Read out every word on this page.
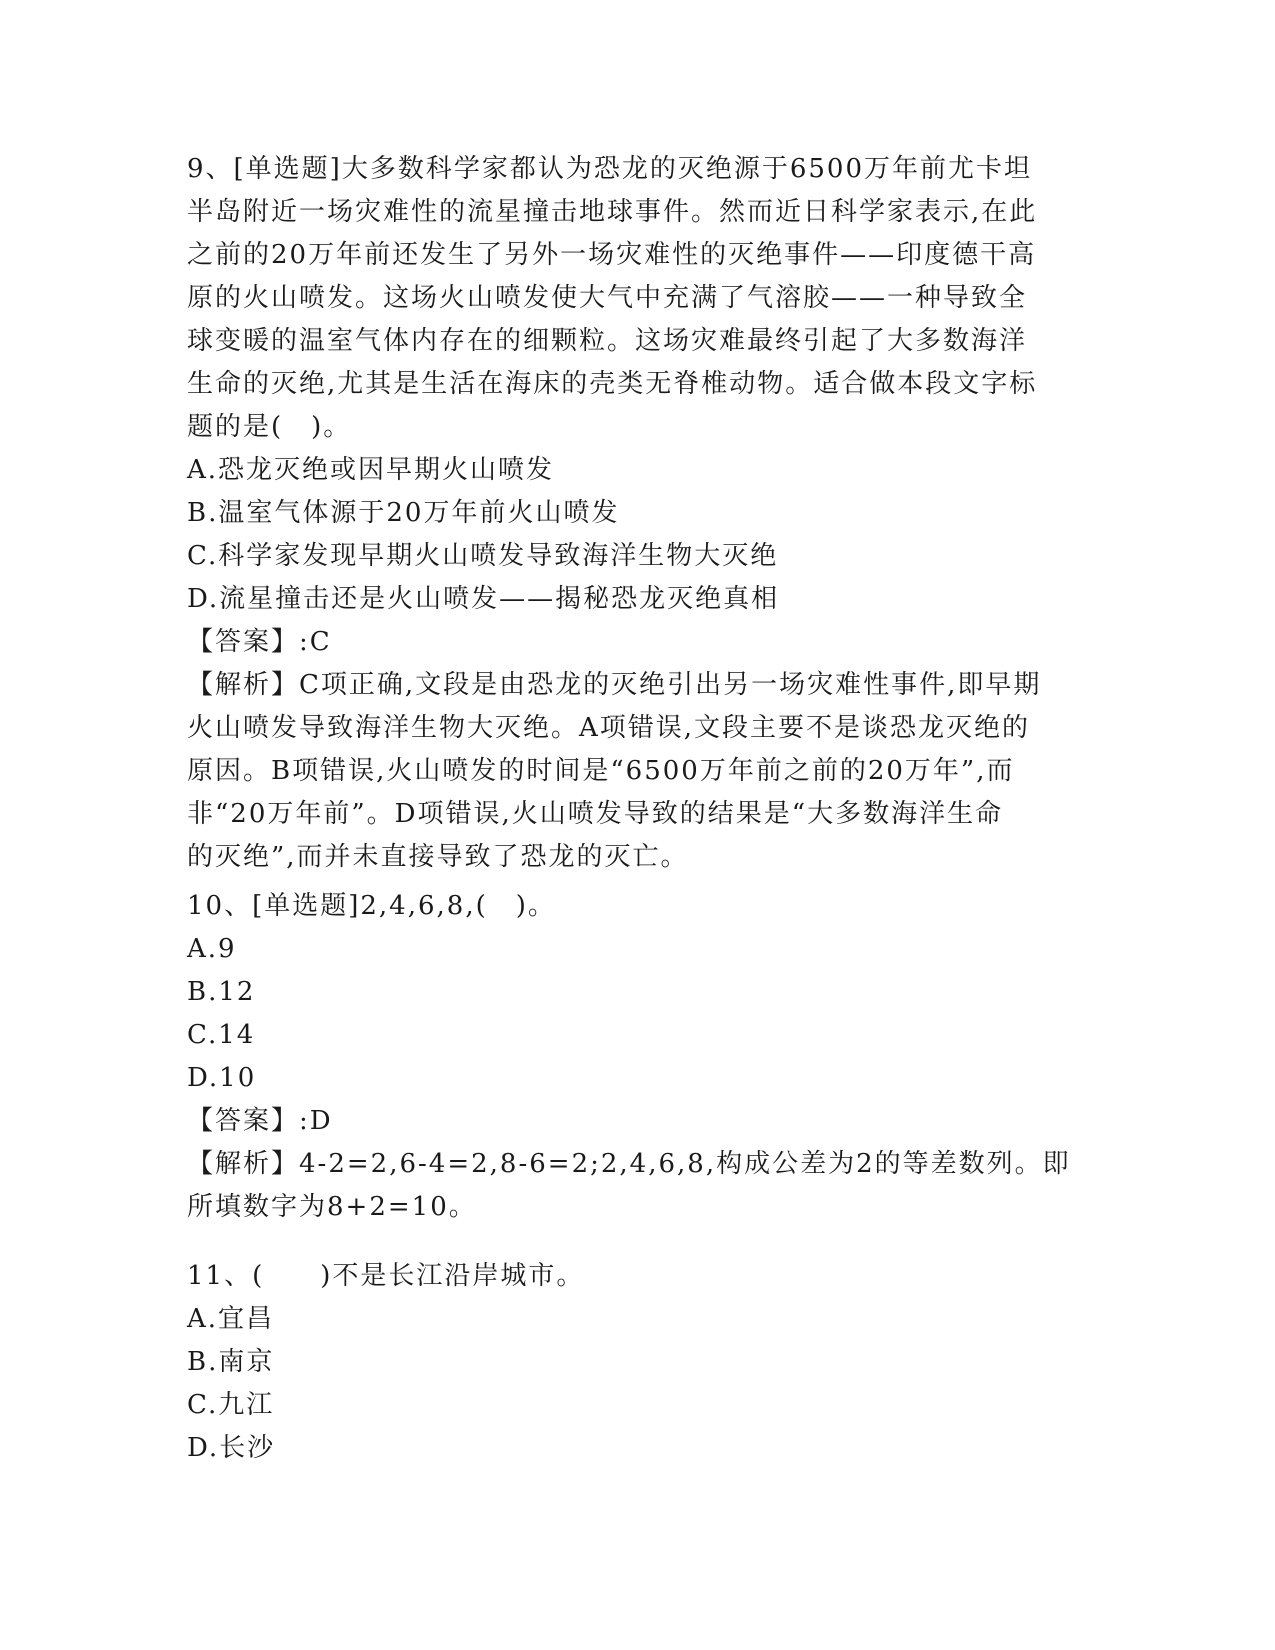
9、[单选题]大多数科学家都认为恐龙的灭绝源于6500万年前尤卡坦
半岛附近一场灾难性的流星撞击地球事件。然而近日科学家表示,在此
之前的20万年前还发生了另外一场灾难性的灭绝事件——印度德干高
原的火山喷发。这场火山喷发使大气中充满了气溶胶——一种导致全
球变暖的温室气体内存在的细颗粒。这场灾难最终引起了大多数海洋
生命的灭绝,尤其是生活在海床的壳类无脊椎动物。适合做本段文字标
题的是(　)。
A.恐龙灭绝或因早期火山喷发
B.温室气体源于20万年前火山喷发
C.科学家发现早期火山喷发导致海洋生物大灭绝
D.流星撞击还是火山喷发——揭秘恐龙灭绝真相
【答案】:C
【解析】C项正确,文段是由恐龙的灭绝引出另一场灾难性事件,即早期
火山喷发导致海洋生物大灭绝。A项错误,文段主要不是谈恐龙灭绝的
原因。B项错误,火山喷发的时间是“6500万年前之前的20万年”,而
非“20万年前”。D项错误,火山喷发导致的结果是“大多数海洋生命
的灭绝”,而并未直接导致了恐龙的灭亡。
10、[单选题]2,4,6,8,(　)。
A.9
B.12
C.14
D.10
【答案】:D
【解析】4-2=2,6-4=2,8-6=2;2,4,6,8,构成公差为2的等差数列。即
所填数字为8+2=10。
11、(　　)不是长江沿岸城市。
A.宜昌
B.南京
C.九江
D.长沙
